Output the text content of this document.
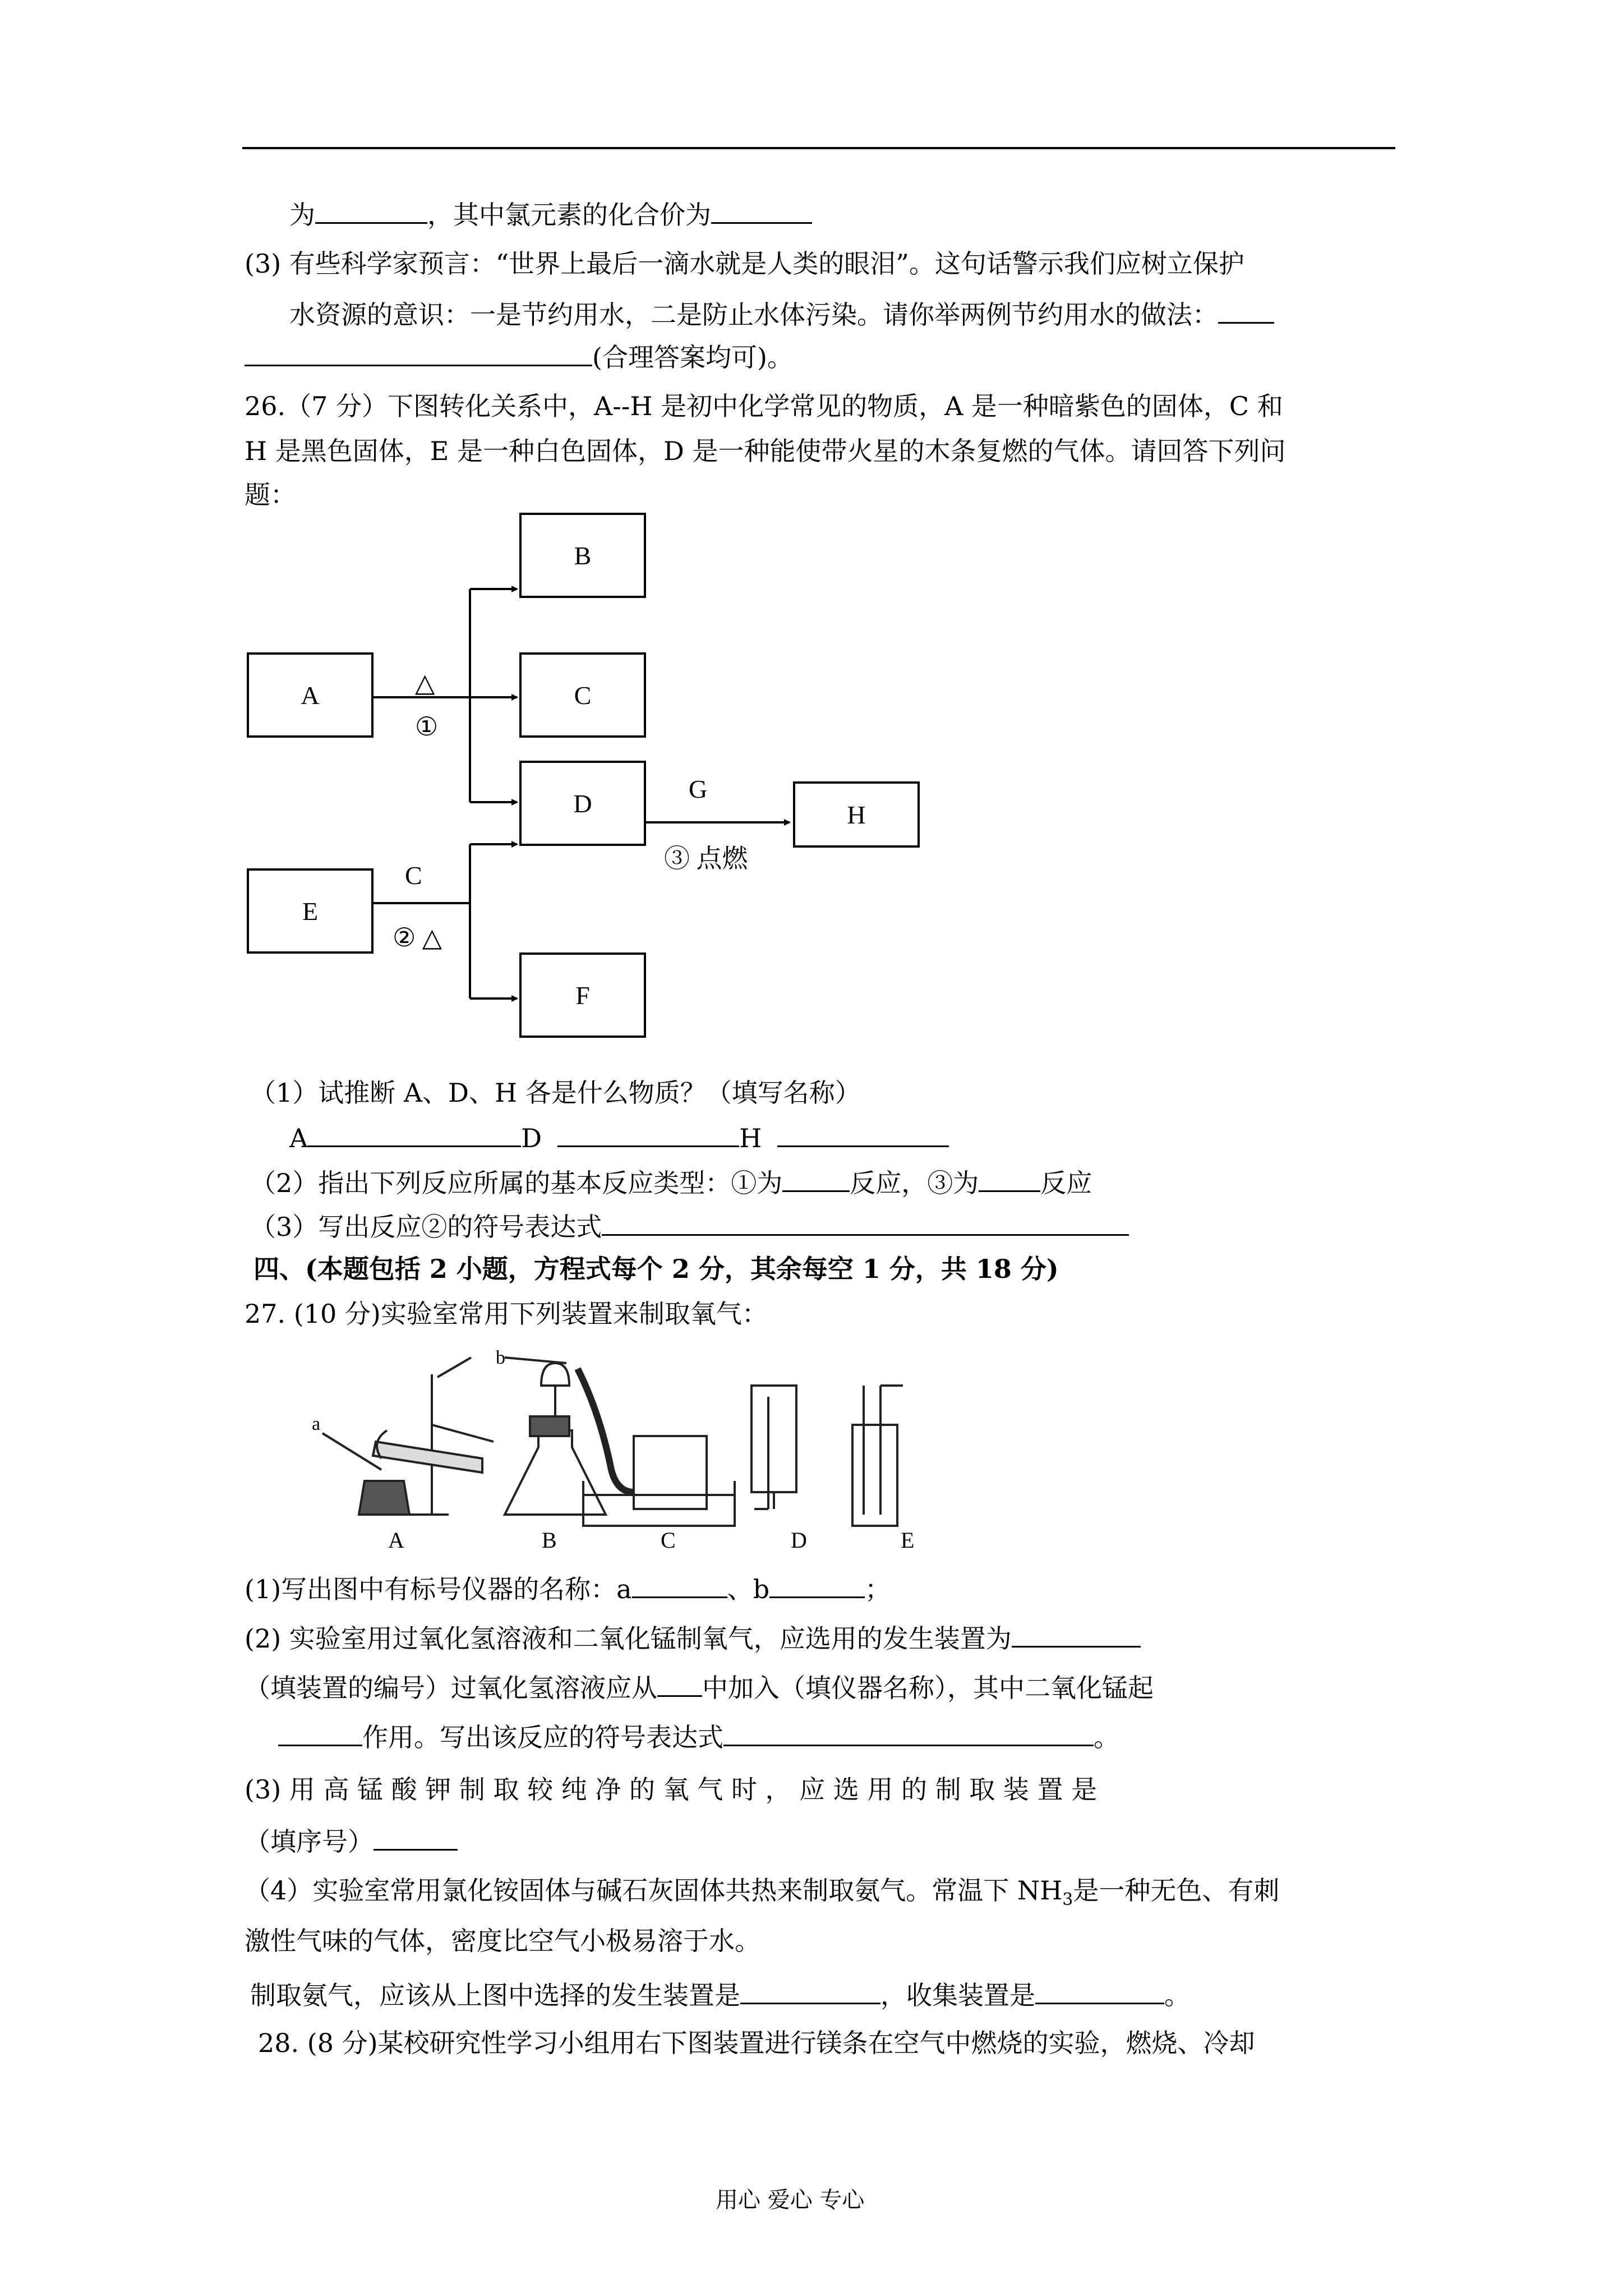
为	，其中氯元素的化合价为
(3) 有些科学家预言：“世界上最后一滴水就是人类的眼泪”。这句话警示我们应树立保护
水资源的意识：一是节约用水，二是防止水体污染。请你举两例节约用水的做法：
(合理答案均可)。
26.（7 分）下图转化关系中，A--H 是初中化学常见的物质，A 是一种暗紫色的固体，C 和
H 是黑色固体，E 是一种白色固体，D 是一种能使带火星的木条复燃的气体。请回答下列问
题：
A
B
C
D	H
E
F
△
①
C
② △
G
③ 点燃
（1）试推断 A、D、H 各是什么物质？（填写名称）
A	D	H
（2）指出下列反应所属的基本反应类型：①为	反应，③为 反应
（3）写出反应②的符号表达式
四、(本题包括 2 小题，方程式每个 2 分，其余每空 1 分，共 18 分)
27. (10 分)实验室常用下列装置来制取氧气：
A	B	C	D	E
a
b
(1)写出图中有标号仪器的名称：a	、b	；
(2) 实验室用过氧化氢溶液和二氧化锰制氧气，应选用的发生装置为
（填装置的编号）过氧化氢溶液应从 中加入（填仪器名称），其中二氧化锰起
作用。写出该反应的符号表达式	。
(3) 用 高 锰 酸 钾 制 取 较 纯 净 的 氧 气 时 ， 应 选 用 的 制 取 装 置 是
（填序号）
（4）实验室常用氯化铵固体与碱石灰固体共热来制取氨气。常温下 $NH_3$是一种无色、有刺
激性气味的气体，密度比空气小极易溶于水。
制取氨气，应该从上图中选择的发生装置是	，收集装置是	。
28. (8 分)某校研究性学习小组用右下图装置进行镁条在空气中燃烧的实验，燃烧、冷却
用心 爱心 专心
